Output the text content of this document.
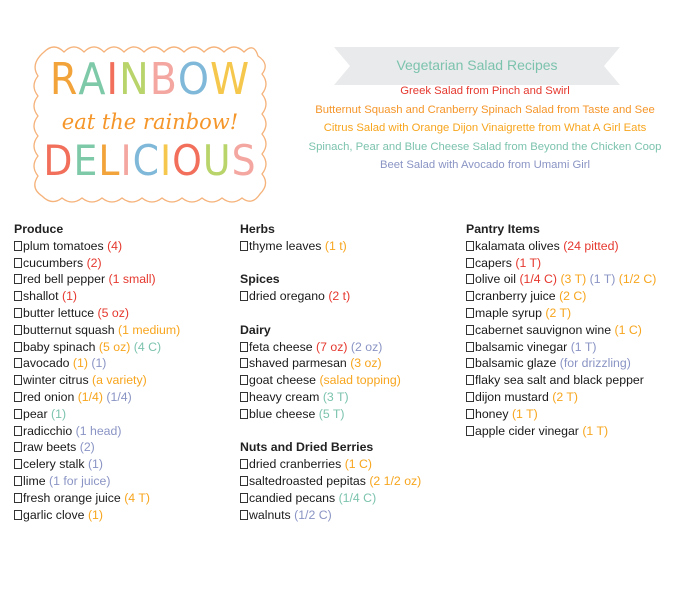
RAINBOW
eat the rainbow!
DELICIOUS
Vegetarian Salad Recipes
Greek Salad from Pinch and Swirl
Butternut Squash and Cranberry Spinach Salad from Taste and See
Citrus Salad with Orange Dijon Vinaigrette from What A Girl Eats
Spinach, Pear and Blue Cheese Salad from Beyond the Chicken Coop
Beet Salad with Avocado from Umami Girl
Produce
plum tomatoes (4)
cucumbers (2)
red bell pepper (1 small)
shallot (1)
butter lettuce (5 oz)
butternut squash (1 medium)
baby spinach (5 oz) (4 C)
avocado (1) (1)
winter citrus (a variety)
red onion (1/4) (1/4)
pear (1)
radicchio (1 head)
raw beets (2)
celery stalk (1)
lime (1 for juice)
fresh orange juice (4 T)
garlic clove (1)
Herbs
thyme leaves (1 t)
Spices
dried oregano (2 t)
Dairy
feta cheese (7 oz) (2 oz)
shaved parmesan (3 oz)
goat cheese (salad topping)
heavy cream (3 T)
blue cheese (5 T)
Nuts and Dried Berries
dried cranberries (1 C)
saltedroasted pepitas (2 1/2 oz)
candied pecans (1/4 C)
walnuts (1/2 C)
Pantry Items
kalamata olives (24 pitted)
capers (1 T)
olive oil (1/4 C) (3 T) (1 T) (1/2 C)
cranberry juice (2 C)
maple syrup (2 T)
cabernet sauvignon wine (1 C)
balsamic vinegar (1 T)
balsamic glaze (for drizzling)
flaky sea salt and black pepper
dijon mustard (2 T)
honey (1 T)
apple cider vinegar (1 T)
